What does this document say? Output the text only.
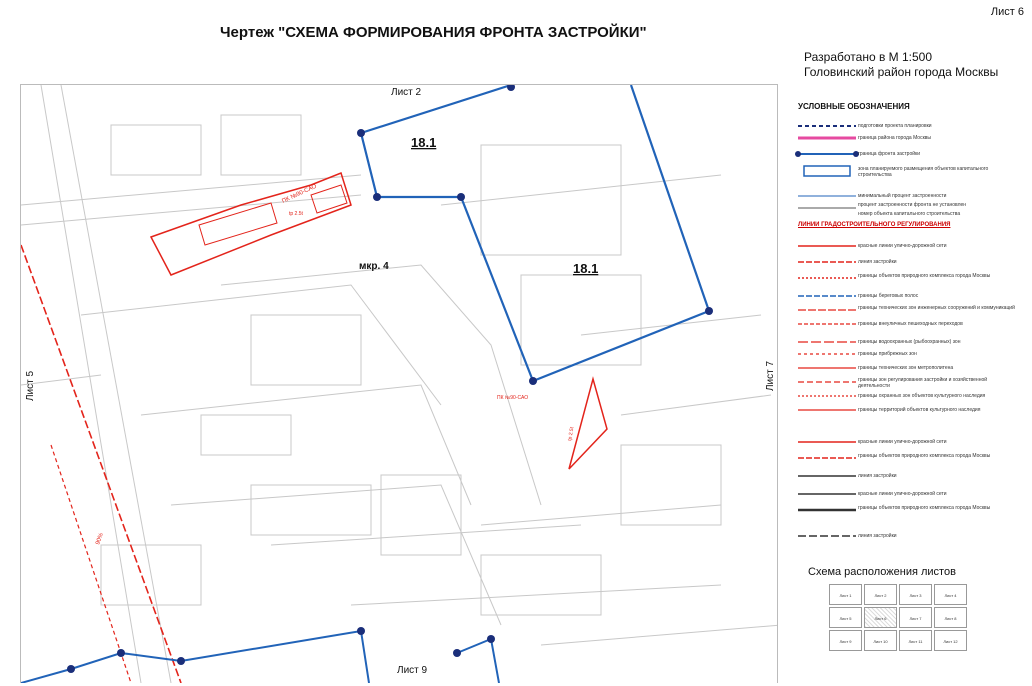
Чертеж "СХЕМА ФОРМИРОВАНИЯ ФРОНТА ЗАСТРОЙКИ"
Лист 6
Разработано в М 1:500
Головинский район города Москвы
90%
ПК №90-САО
tp 2.5t
ПК №90-САО
tp 2.5t
18.1
18.1
мкр. 4
Лист 2
Лист 9
Лист 5	Лист 7
УСЛОВНЫЕ ОБОЗНАЧЕНИЯ
подготовки проекта планировки
граница района города Москвы
граница фронта застройки
зона планируемого размещения объектов капитального строительства
минимальный процент застроенности
процент застроенности фронта не установлен
номер объекта капитального строительства
ЛИНИИ ГРАДОСТРОИТЕЛЬНОГО РЕГУЛИРОВАНИЯ
красные линии улично-дорожной сети
линия застройки
границы объектов природного комплекса города Москвы
границы береговых полос
границы технических зон инженерных сооружений и коммуникаций
границы внеуличных пешеходных переходов
границы водоохранных (рыбоохранных) зон
границы прибрежных зон
границы технических зон метрополитена
границы зон регулирования застройки и хозяйственной деятельности
границы охранных зон объектов культурного наследия
границы территорий объектов культурного наследия
красные линии улично-дорожной сети
границы объектов природного комплекса города Москвы
линия застройки
красные линии улично-дорожной сети
границы объектов природного комплекса города Москвы
линия застройки
Схема расположения листов
Лист 1	Лист 2	Лист 3	Лист 4
Лист 5	Лист 6	Лист 7	Лист 8
Лист 9	Лист 10	Лист 11	Лист 12
